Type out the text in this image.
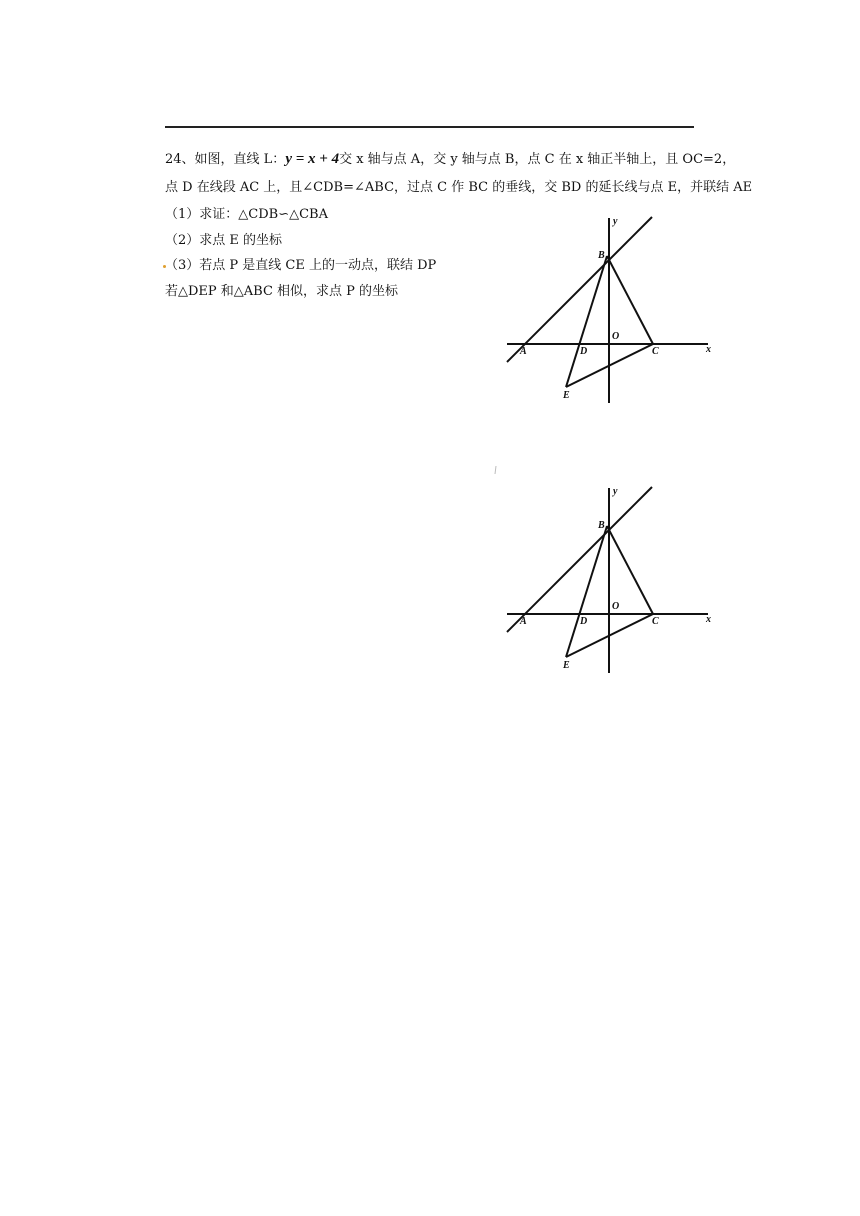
24、如图，直线 L：y = x + 4交 x 轴与点 A，交 y 轴与点 B，点 C 在 x 轴正半轴上，且 OC=2，
点 D 在线段 AC 上，且∠CDB=∠ABC，过点 C 作 BC 的垂线，交 BD 的延长线与点 E，并联结 AE
（1）求证：△CDB∽△CBA
（2）求点 E 的坐标
（3）若点 P 是直线 CE 上的一动点，联结 DP
若△DEP 和△ABC 相似，求点 P 的坐标
y
B
O
A	D	C	x
E
y
B
O
A	D	C	x
E
